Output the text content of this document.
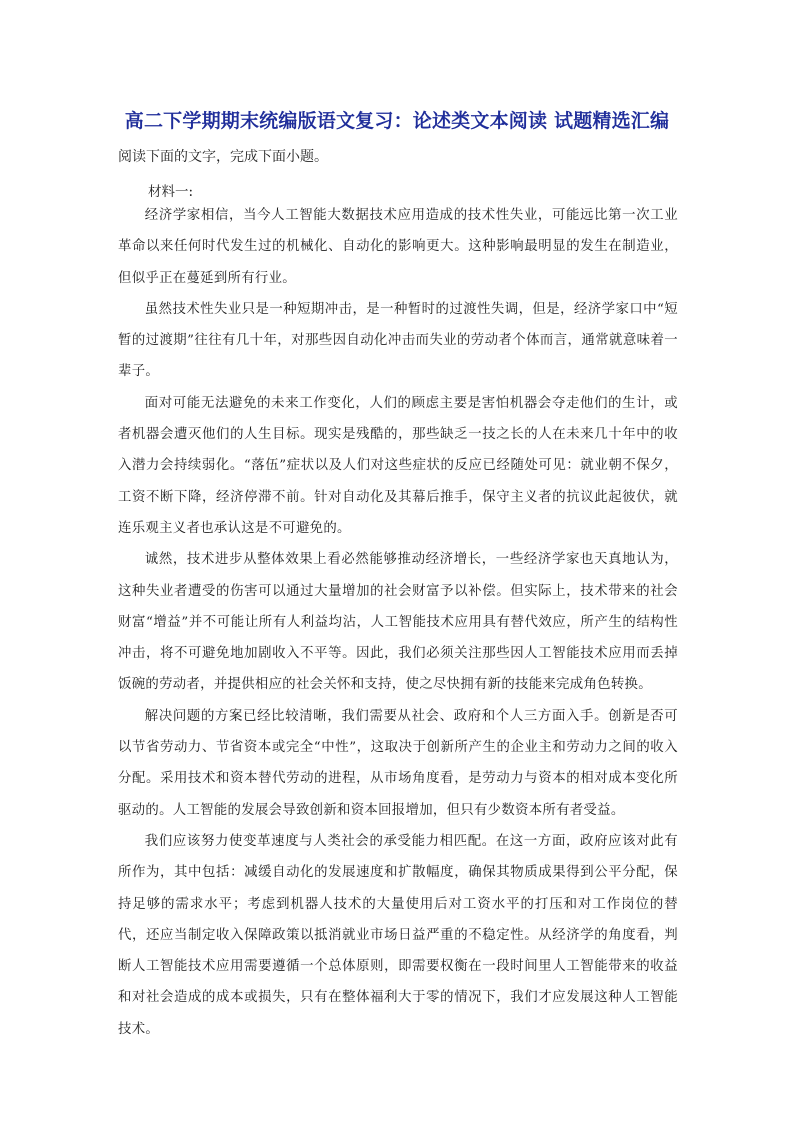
高二下学期期末统编版语文复习：论述类文本阅读 试题精选汇编
阅读下面的文字，完成下面小题。
材料一:

经济学家相信，当今人工智能大数据技术应用造成的技术性失业，可能远比第一次工业革命以来任何时代发生过的机械化、自动化的影响更大。这种影响最明显的发生在制造业，但似乎正在蔓延到所有行业。

虽然技术性失业只是一种短期冲击，是一种暂时的过渡性失调，但是，经济学家口中“短暂的过渡期”往往有几十年，对那些因自动化冲击而失业的劳动者个体而言，通常就意味着一辈子。

面对可能无法避免的未来工作变化，人们的顾虑主要是害怕机器会夺走他们的生计，或者机器会遭灭他们的人生目标。现实是残酷的，那些缺乏一技之长的人在未来几十年中的收入潜力会持续弱化。“落伍”症状以及人们对这些症状的反应已经随处可见：就业朝不保夕，工资不断下降，经济停滞不前。针对自动化及其幕后推手，保守主义者的抗议此起彼伏，就连乐观主义者也承认这是不可避免的。

诚然，技术进步从整体效果上看必然能够推动经济增长，一些经济学家也天真地认为，这种失业者遭受的伤害可以通过大量增加的社会财富予以补偿。但实际上，技术带来的社会财富“增益”并不可能让所有人利益均沾，人工智能技术应用具有替代效应，所产生的结构性冲击，将不可避免地加剧收入不平等。因此，我们必须关注那些因人工智能技术应用而丢掉饭碗的劳动者，并提供相应的社会关怀和支持，使之尽快拥有新的技能来完成角色转换。

解决问题的方案已经比较清晰，我们需要从社会、政府和个人三方面入手。创新是否可以节省劳动力、节省资本或完全“中性”，这取决于创新所产生的企业主和劳动力之间的收入分配。采用技术和资本替代劳动的进程，从市场角度看，是劳动力与资本的相对成本变化所驱动的。人工智能的发展会导致创新和资本回报增加，但只有少数资本所有者受益。

我们应该努力使变革速度与人类社会的承受能力相匹配。在这一方面，政府应该对此有所作为，其中包括：减缓自动化的发展速度和扩散幅度，确保其物质成果得到公平分配，保持足够的需求水平；考虑到机器人技术的大量使用后对工资水平的打压和对工作岗位的替代，还应当制定收入保障政策以抵消就业市场日益严重的不稳定性。从经济学的角度看，判断人工智能技术应用需要遵循一个总体原则，即需要权衡在一段时间里人工智能带来的收益和对社会造成的成本或损失，只有在整体福利大于零的情况下，我们才应发展这种人工智能技术。
